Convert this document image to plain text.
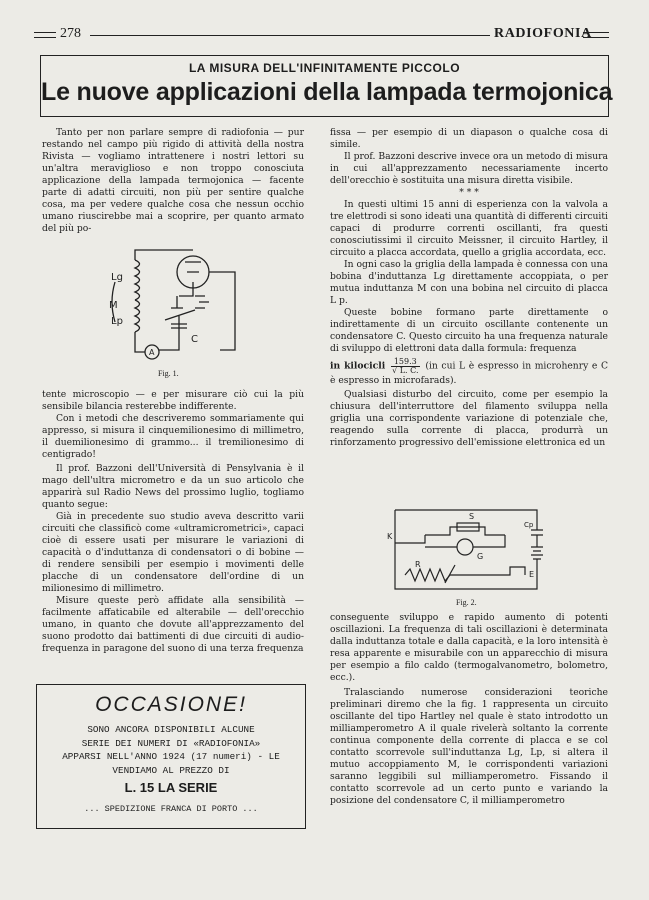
278	RADIOFONIA
LA MISURA DELL'INFINITAMENTE PICCOLO
Le nuove applicazioni della lampada termojonica

Tanto per non parlare sempre di radiofonia — pur restando nel campo più rigido di attività della nostra Rivista — vogliamo intrattenere i nostri lettori su un'altra meraviglioso e non troppo conosciuta applicazione della lampada termojonica — facente parte di adatti circuiti, non più per sentire qualche cosa, ma per vedere qualche cosa che nessun occhio umano riuscirebbe mai a scoprire, per quanto armato del più po-

M
Lg
Lp
C
A
Fig. 1.

tente microscopio — e per misurare ciò cui la più sensibile bilancia resterebbe indifferente.

Con i metodi che descriveremo sommariamente qui appresso, si misura il cinquemilionesimo di millimetro, il duemilionesimo di grammo... il tremilionesimo di centigrado!

Il prof. Bazzoni dell'Università di Pensylvania è il mago dell'ultra micrometro e da un suo articolo che apparirà sul Radio News del prossimo luglio, togliamo quanto segue:

Già in precedente suo studio aveva descritto varii circuiti che classificò come «ultramicrometrici», capaci cioè di essere usati per misurare le variazioni di capacità o d'induttanza di condensatori o di bobine — di rendere sensibili per esempio i movimenti delle placche di un condensatore dell'ordine di un milionesimo di millimetro.

Misure queste però affidate alla sensibilità — facilmente affaticabile ed alterabile — dell'orecchio umano, in quanto che dovute all'apprezzamento del suono prodotto dai battimenti di due circuiti di audio-frequenza in paragone del suono di una terza frequenza

OCCASIONE!
SONO ANCORA DISPONIBILI ALCUNE
SERIE DEI NUMERI DI «RADIOFONIA»
APPARSI NELL'ANNO 1924 (17 numeri) - LE
VENDIAMO AL PREZZO DI
L. 15 LA SERIE
... SPEDIZIONE FRANCA DI PORTO ...

fissa — per esempio di un diapason o qualche cosa di simile.

Il prof. Bazzoni descrive invece ora un metodo di misura in cui all'apprezzamento necessariamente incerto dell'orecchio è sostituita una misura diretta visibile.

* * *

In questi ultimi 15 anni di esperienza con la valvola a tre elettrodi si sono ideati una quantità di differenti circuiti capaci di produrre correnti oscillanti, fra questi conosciutissimi il circuito Meissner, il circuito Hartley, il circuito a placca accordata, quello a griglia accordata, ecc.

In ogni caso la griglia della lampada è connessa con una bobina d'induttanza Lg direttamente accoppiata, o per mutua induttanza M con una bobina nel circuito di placca L p.

Queste bobine formano parte direttamente o indirettamente di un circuito oscillante contenente un condensatore C. Questo circuito ha una frequenza naturale di sviluppo di elettroni data dalla formula: frequenza

in kilocicli $\frac{159.3}{√ L. C.} (in$ cui L è espresso in microhenry e C è espresso in microfarads).

Qualsiasi disturbo del circuito, come per esempio la chiusura dell'interruttore del filamento sviluppa nella griglia una corrispondente variazione di potenziale che, reagendo sulla corrente di placca, produrrà un rinforzamento progressivo dell'emissione elettronica ed un

S
K
G
R
Cp
E
Fig. 2.

conseguente sviluppo e rapido aumento di potenti oscillazioni. La frequenza di tali oscillazioni è determinata dalla induttanza totale e dalla capacità, e la loro intensità è resa apparente e misurabile con un apparecchio di misura per esempio a filo caldo (termogalvanometro, bolometro, ecc.).

Tralasciando numerose considerazioni teoriche preliminari diremo che la fig. 1 rappresenta un circuito oscillante del tipo Hartley nel quale è stato introdotto un milliamperometro A il quale rivelerà soltanto la corrente continua componente della corrente di placca e se col contatto scorrevole sull'induttanza Lg, Lp, si altera il mutuo accoppiamento M, le corrispondenti variazioni saranno leggibili sul milliamperometro. Fissando il contatto scorrevole ad un certo punto e variando la posizione del condensatore C, il milliamperometro
